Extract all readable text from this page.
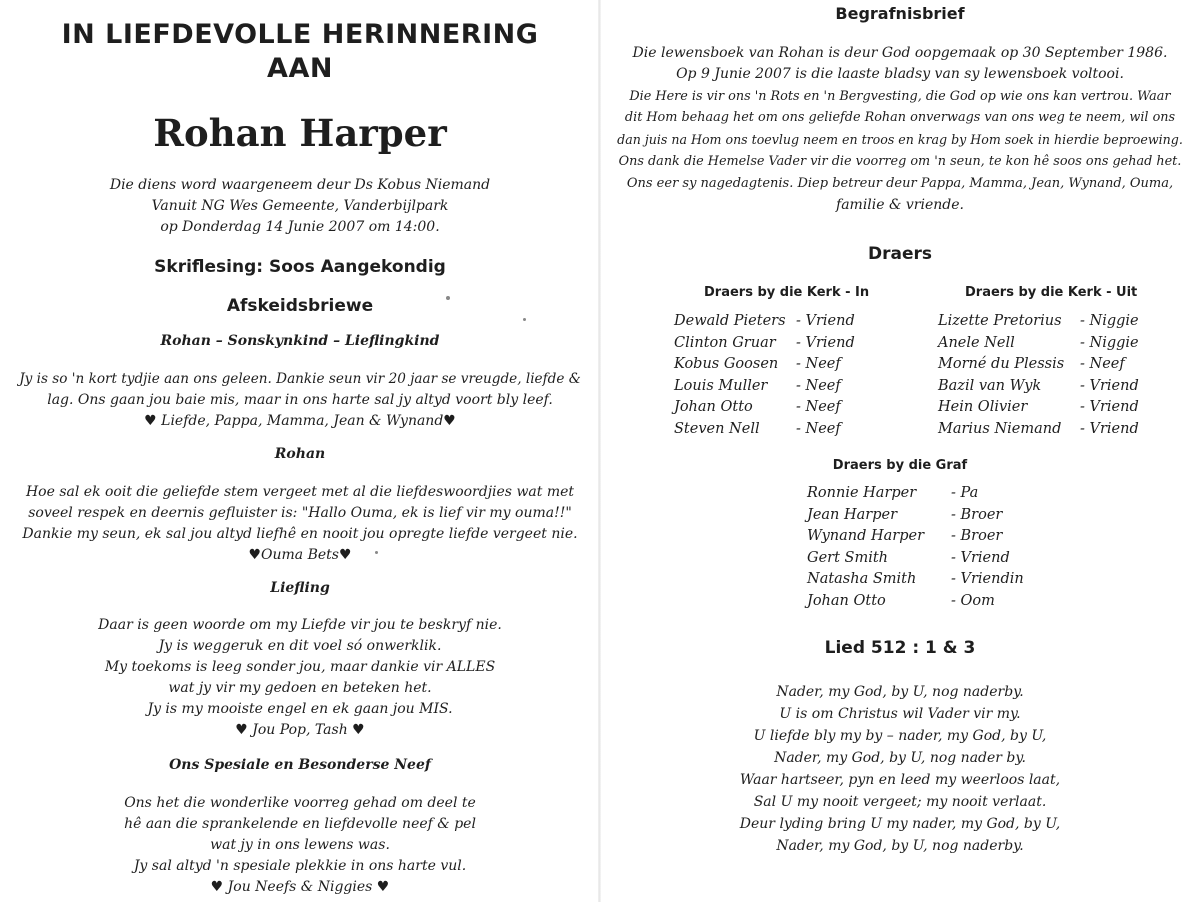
IN LIEFDEVOLLE HERINNERING
AAN
Rohan Harper
Die diens word waargeneem deur Ds Kobus Niemand
Vanuit NG Wes Gemeente, Vanderbijlpark
op Donderdag 14 Junie 2007 om 14:00.
Skriflesing: Soos Aangekondig
Afskeidsbriewe
Rohan – Sonskynkind – Lieflingkind
Jy is so 'n kort tydjie aan ons geleen. Dankie seun vir 20 jaar se vreugde, liefde &
lag. Ons gaan jou baie mis, maar in ons harte sal jy altyd voort bly leef.
♥ Liefde, Pappa, Mamma, Jean & Wynand♥
Rohan
Hoe sal ek ooit die geliefde stem vergeet met al die liefdeswoordjies wat met
soveel respek en deernis gefluister is: "Hallo Ouma, ek is lief vir my ouma!!"
Dankie my seun, ek sal jou altyd liefhê en nooit jou opregte liefde vergeet nie.
♥Ouma Bets♥
Liefling
Daar is geen woorde om my Liefde vir jou te beskryf nie.
Jy is weggeruk en dit voel só onwerklik.
My toekoms is leeg sonder jou, maar dankie vir ALLES
wat jy vir my gedoen en beteken het.
Jy is my mooiste engel en ek gaan jou MIS.
♥ Jou Pop, Tash ♥
Ons Spesiale en Besonderse Neef
Ons het die wonderlike voorreg gehad om deel te
hê aan die sprankelende en liefdevolle neef & pel
wat jy in ons lewens was.
Jy sal altyd 'n spesiale plekkie in ons harte vul.
♥ Jou Neefs & Niggies ♥
Begrafnisbrief
Die lewensboek van Rohan is deur God oopgemaak op 30 September 1986.
Op 9 Junie 2007 is die laaste bladsy van sy lewensboek voltooi.
Die Here is vir ons 'n Rots en 'n Bergvesting, die God op wie ons kan vertrou. Waar
dit Hom behaag het om ons geliefde Rohan onverwags van ons weg te neem, wil ons
dan juis na Hom ons toevlug neem en troos en krag by Hom soek in hierdie beproewing.
Ons dank die Hemelse Vader vir die voorreg om 'n seun, te kon hê soos ons gehad het.
Ons eer sy nagedagtenis. Diep betreur deur Pappa, Mamma, Jean, Wynand, Ouma,
familie & vriende.
Draers
Draers by die Kerk - In	Draers by die Kerk - Uit
Dewald Pieters - Vriend
Clinton Gruar - Vriend
Kobus Goosen - Neef
Louis Muller - Neef
Johan Otto	- Neef
Steven Nell	- Neef
Lizette Pretorius - Niggie
Anele Nell	- Niggie
Morné du Plessis - Neef
Bazil van Wyk	- Vriend
Hein Olivier	- Vriend
Marius Niemand - Vriend
Draers by die Graf
Ronnie Harper - Pa
Jean Harper	- Broer
Wynand Harper - Broer
Gert Smith	- Vriend
Natasha Smith - Vriendin
Johan Otto	- Oom
Lied 512 : 1 & 3
Nader, my God, by U, nog naderby.
U is om Christus wil Vader vir my.
U liefde bly my by – nader, my God, by U,
Nader, my God, by U, nog nader by.
Waar hartseer, pyn en leed my weerloos laat,
Sal U my nooit vergeet; my nooit verlaat.
Deur lyding bring U my nader, my God, by U,
Nader, my God, by U, nog naderby.
